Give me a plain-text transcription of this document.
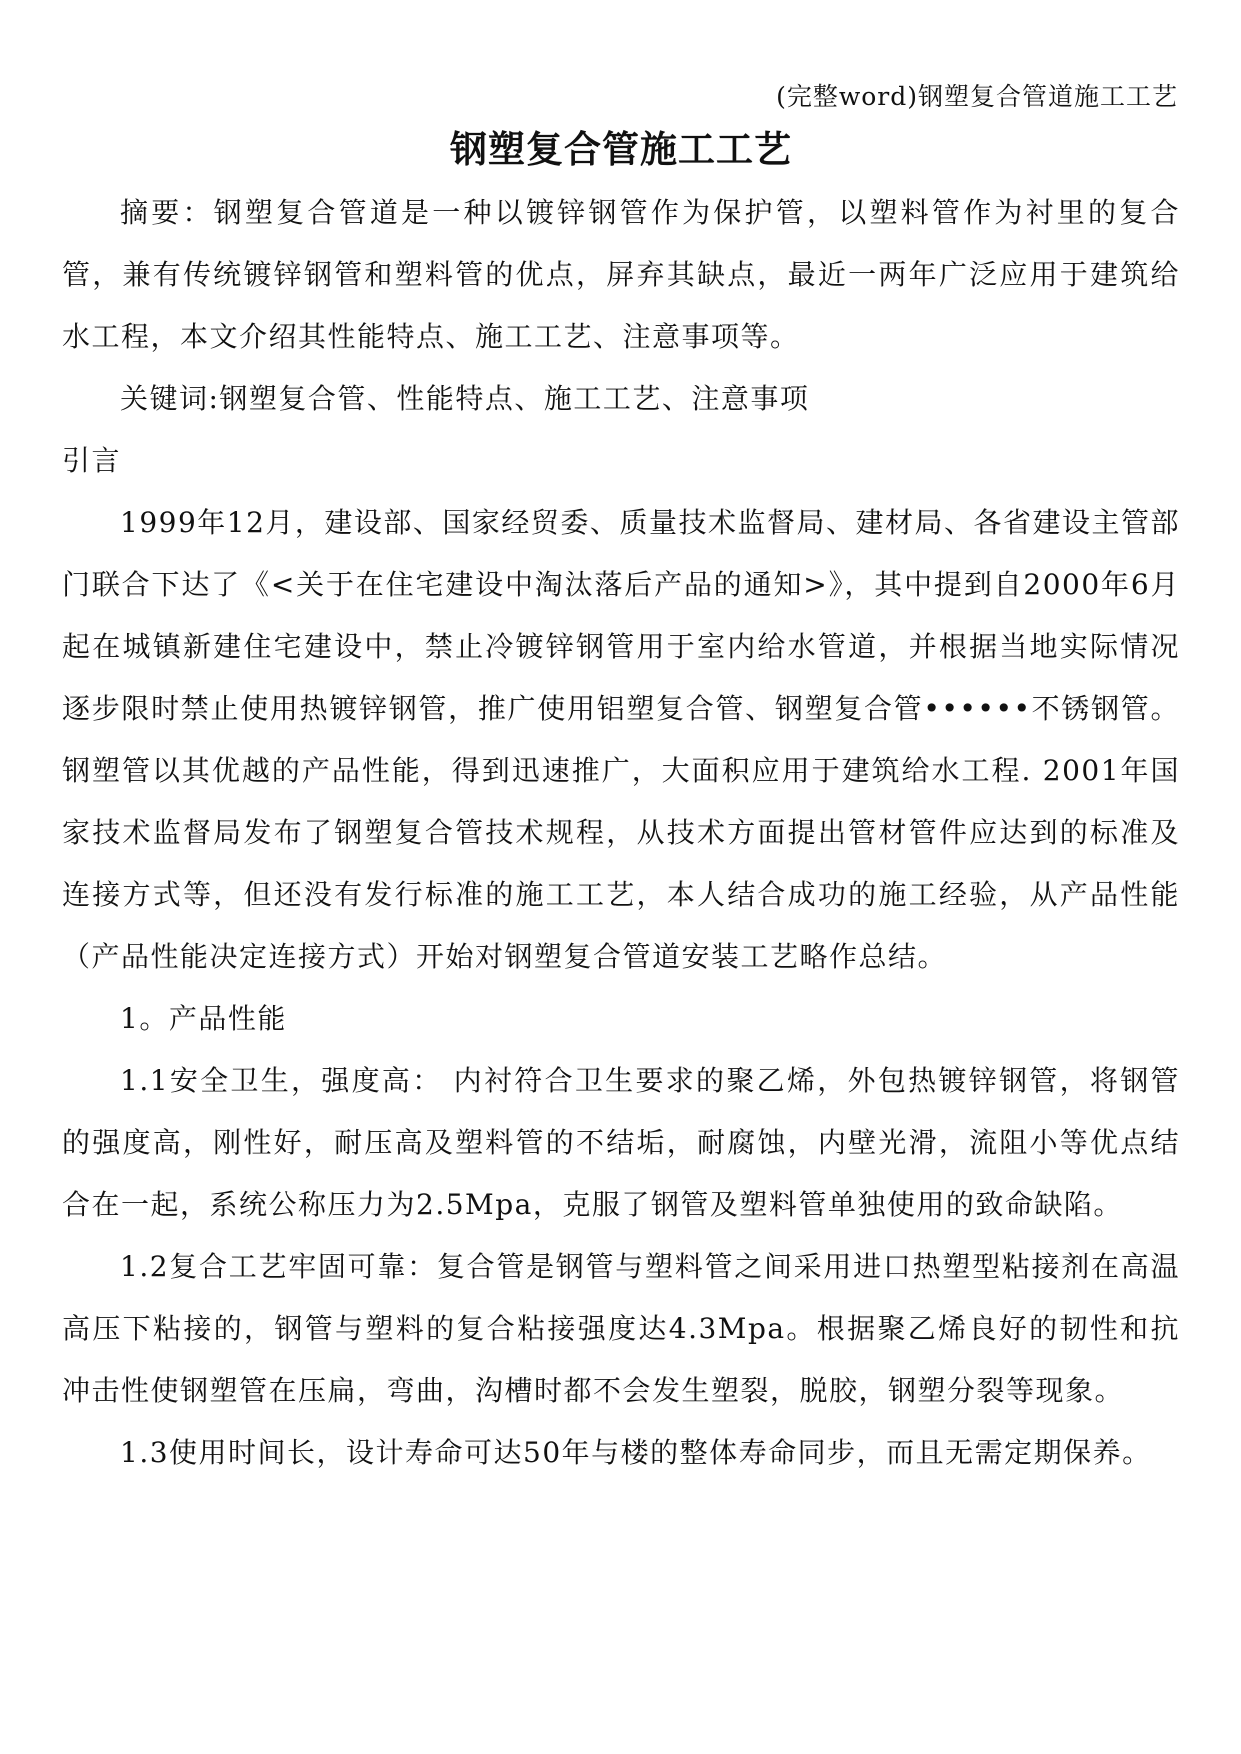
(完整word)钢塑复合管道施工工艺
钢塑复合管施工工艺

摘要：钢塑复合管道是一种以镀锌钢管作为保护管，以塑料管作为衬里的复合管，兼有传统镀锌钢管和塑料管的优点，屏弃其缺点，最近一两年广泛应用于建筑给水工程，本文介绍其性能特点、施工工艺、注意事项等。

关键词:钢塑复合管、性能特点、施工工艺、注意事项

引言

1999年12月，建设部、国家经贸委、质量技术监督局、建材局、各省建设主管部门联合下达了《<关于在住宅建设中淘汰落后产品的通知>》，其中提到自2000年6月起在城镇新建住宅建设中，禁止冷镀锌钢管用于室内给水管道，并根据当地实际情况逐步限时禁止使用热镀锌钢管，推广使用铝塑复合管、钢塑复合管••••••不锈钢管。钢塑管以其优越的产品性能，得到迅速推广，大面积应用于建筑给水工程. 2001年国家技术监督局发布了钢塑复合管技术规程，从技术方面提出管材管件应达到的标准及连接方式等，但还没有发行标准的施工工艺，本人结合成功的施工经验，从产品性能（产品性能决定连接方式）开始对钢塑复合管道安装工艺略作总结。

1。产品性能

1.1安全卫生，强度高： 内衬符合卫生要求的聚乙烯，外包热镀锌钢管，将钢管的强度高，刚性好，耐压高及塑料管的不结垢，耐腐蚀，内壁光滑，流阻小等优点结合在一起，系统公称压力为2.5Mpa，克服了钢管及塑料管单独使用的致命缺陷。

1.2复合工艺牢固可靠：复合管是钢管与塑料管之间采用进口热塑型粘接剂在高温高压下粘接的，钢管与塑料的复合粘接强度达4.3Mpa。根据聚乙烯良好的韧性和抗冲击性使钢塑管在压扁，弯曲，沟槽时都不会发生塑裂，脱胶，钢塑分裂等现象。

1.3使用时间长，设计寿命可达50年与楼的整体寿命同步，而且无需定期保养。
